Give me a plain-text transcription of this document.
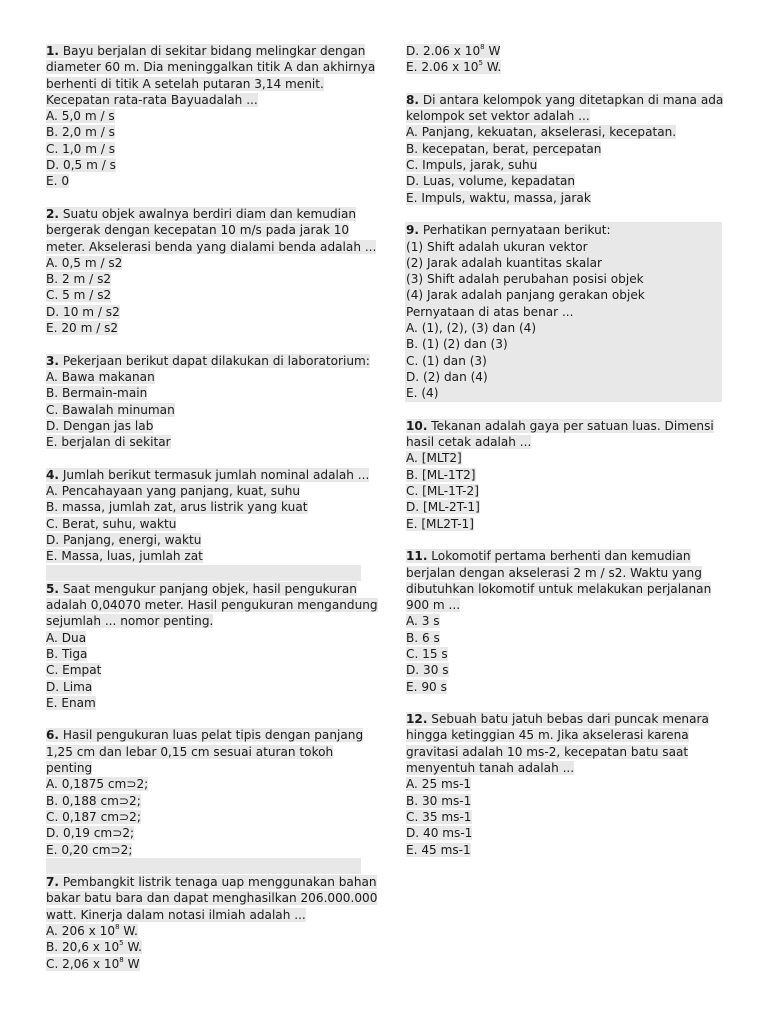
1. Bayu berjalan di sekitar bidang melingkar dengan
diameter 60 m. Dia meninggalkan titik A dan akhirnya
berhenti di titik A setelah putaran 3,14 menit.
Kecepatan rata-rata Bayuadalah ...
A. 5,0 m / s
B. 2,0 m / s
C. 1,0 m / s
D. 0,5 m / s
E. 0
2. Suatu objek awalnya berdiri diam dan kemudian
bergerak dengan kecepatan 10 m/s pada jarak 10
meter. Akselerasi benda yang dialami benda adalah ...
A. 0,5 m / s2
B. 2 m / s2
C. 5 m / s2
D. 10 m / s2
E. 20 m / s2
3. Pekerjaan berikut dapat dilakukan di laboratorium:
A. Bawa makanan
B. Bermain-main
C. Bawalah minuman
D. Dengan jas lab
E. berjalan di sekitar
4. Jumlah berikut termasuk jumlah nominal adalah ...
A. Pencahayaan yang panjang, kuat, suhu
B. massa, jumlah zat, arus listrik yang kuat
C. Berat, suhu, waktu
D. Panjang, energi, waktu
E. Massa, luas, jumlah zat
5. Saat mengukur panjang objek, hasil pengukuran
adalah 0,04070 meter. Hasil pengukuran mengandung
sejumlah ... nomor penting.
A. Dua
B. Tiga
C. Empat
D. Lima
E. Enam
6. Hasil pengukuran luas pelat tipis dengan panjang
1,25 cm dan lebar 0,15 cm sesuai aturan tokoh
penting
A. 0,1875 cm⊃2;
B. 0,188 cm⊃2;
C. 0,187 cm⊃2;
D. 0,19 cm⊃2;
E. 0,20 cm⊃2;
7. Pembangkit listrik tenaga uap menggunakan bahan
bakar batu bara dan dapat menghasilkan 206.000.000
watt. Kinerja dalam notasi ilmiah adalah ...
A. 206 x $10^8$ W.
B. 20,6 x $10^5$ W.
C. 2,06 x $10^8$ W
D. 2.06 x $10^8$ W
E. 2.06 x $10^5$ W.
8. Di antara kelompok yang ditetapkan di mana ada
kelompok set vektor adalah ...
A. Panjang, kekuatan, akselerasi, kecepatan.
B. kecepatan, berat, percepatan
C. Impuls, jarak, suhu
D. Luas, volume, kepadatan
E. Impuls, waktu, massa, jarak
9. Perhatikan pernyataan berikut:
(1) Shift adalah ukuran vektor
(2) Jarak adalah kuantitas skalar
(3) Shift adalah perubahan posisi objek
(4) Jarak adalah panjang gerakan objek
Pernyataan di atas benar ...
A. (1), (2), (3) dan (4)
B. (1) (2) dan (3)
C. (1) dan (3)
D. (2) dan (4)
E. (4)
10. Tekanan adalah gaya per satuan luas. Dimensi
hasil cetak adalah ...
A. [MLT2]
B. [ML-1T2]
C. [ML-1T-2]
D. [ML-2T-1]
E. [ML2T-1]
11. Lokomotif pertama berhenti dan kemudian
berjalan dengan akselerasi 2 m / s2. Waktu yang
dibutuhkan lokomotif untuk melakukan perjalanan
900 m ...
A. 3 s
B. 6 s
C. 15 s
D. 30 s
E. 90 s
12. Sebuah batu jatuh bebas dari puncak menara
hingga ketinggian 45 m. Jika akselerasi karena
gravitasi adalah 10 ms-2, kecepatan batu saat
menyentuh tanah adalah ...
A. 25 ms-1
B. 30 ms-1
C. 35 ms-1
D. 40 ms-1
E. 45 ms-1
